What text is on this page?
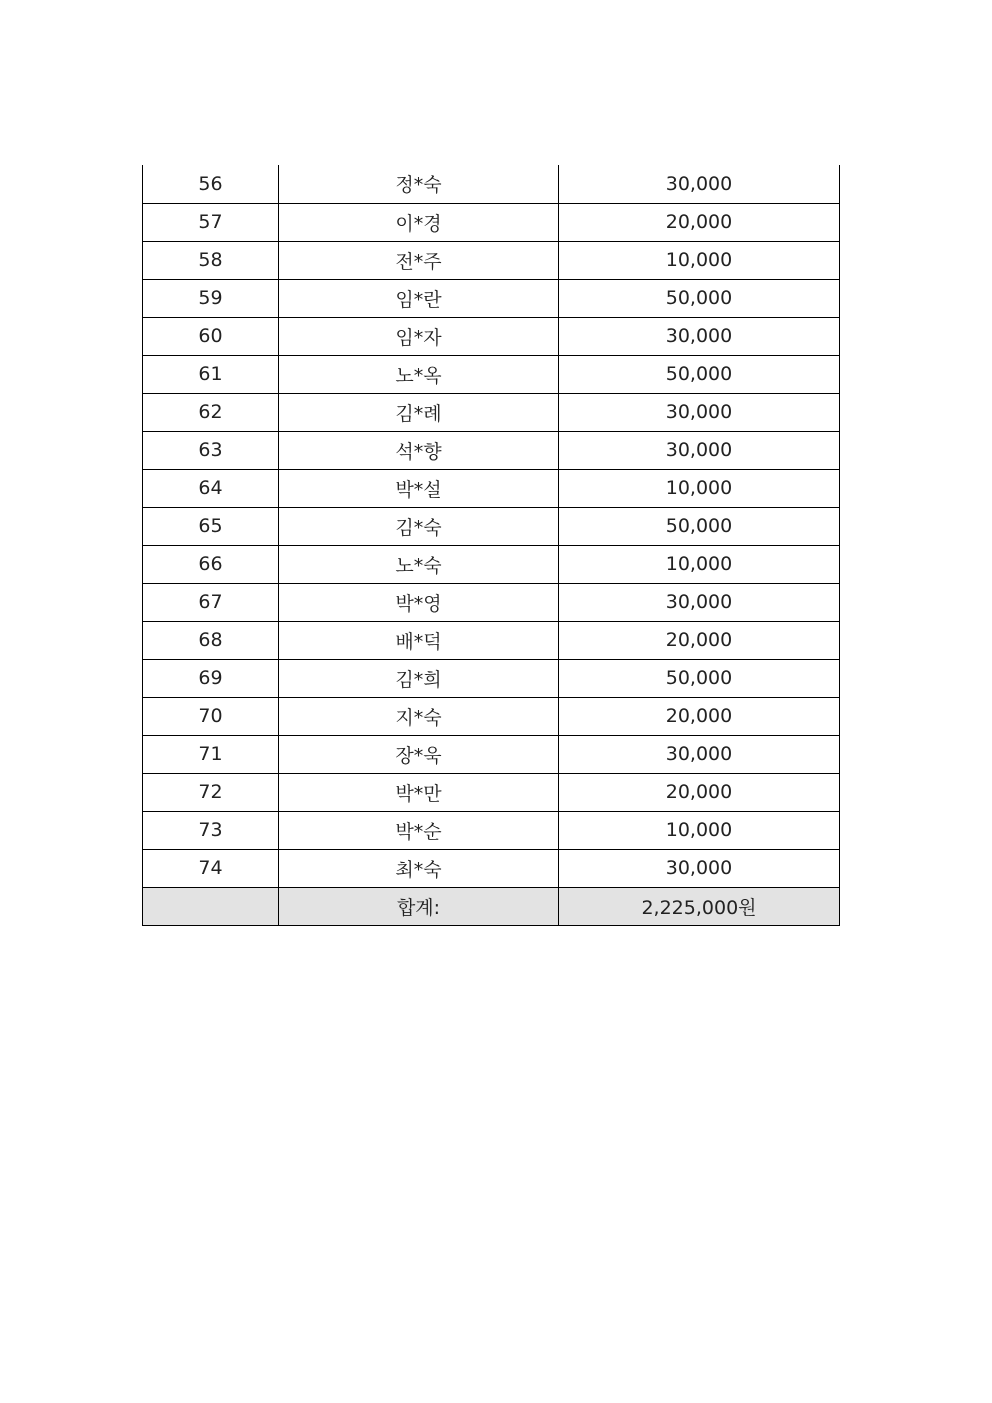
56	정*숙	30,000
57	이*경	20,000
58	전*주	10,000
59	임*란	50,000
60	임*자	30,000
61	노*옥	50,000
62	김*례	30,000
63	석*향	30,000
64	박*설	10,000
65	김*숙	50,000
66	노*숙	10,000
67	박*영	30,000
68	배*덕	20,000
69	김*희	50,000
70	지*숙	20,000
71	장*욱	30,000
72	박*만	20,000
73	박*순	10,000
74	최*숙	30,000
	합계:	2,225,000원
